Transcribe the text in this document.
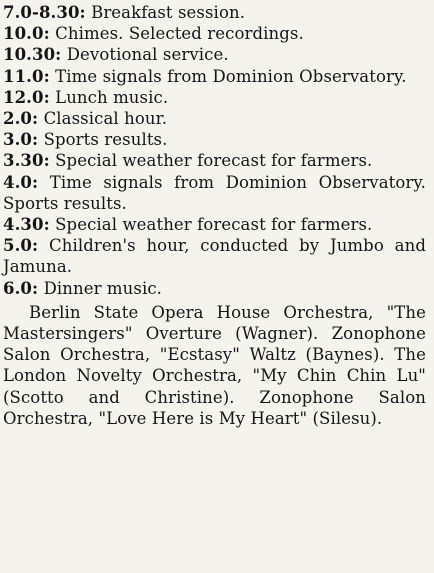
7.0-8.30: Breakfast session.

10.0: Chimes. Selected recordings.

10.30: Devotional service.

11.0: Time signals from Dominion Observatory.

12.0: Lunch music.

2.0: Classical hour.

3.0: Sports results.

3.30: Special weather forecast for farmers.

4.0: Time signals from Dominion Observatory. Sports results.

4.30: Special weather forecast for farmers.

5.0: Children's hour, conducted by Jumbo and Jamuna.

6.0: Dinner music.

Berlin State Opera House Orchestra, "The Mastersingers" Overture (Wagner). Zonophone Salon Orchestra, "Ecstasy" Waltz (Baynes). The London Novelty Orchestra, "My Chin Chin Lu" (Scotto and Christine). Zonophone Salon Orchestra, "Love Here is My Heart" (Silesu).
